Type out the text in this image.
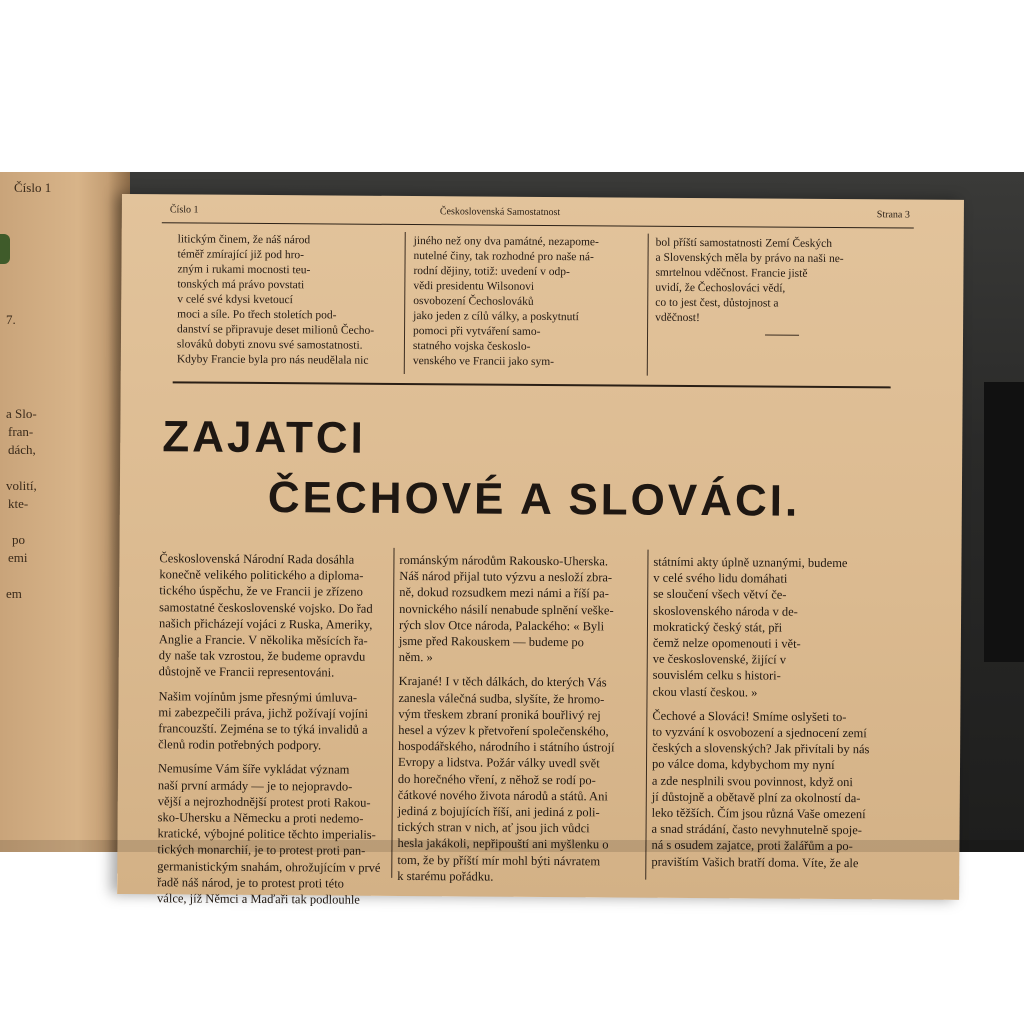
Číslo 1
7.
a Slo-
fran-
dách,
volití,
kte-
po
emi
em
Číslo 1	Československá Samostatnost	Strana 3
litickým činem, že náš národ
téměř zmírající již pod hro-
zným i rukami mocnosti teu-
tonských má právo povstati
v celé své kdysi kvetoucí
moci a síle. Po třech stoletích pod-
danství se připravuje deset milionů Čecho-
slováků dobyti znovu své samostatnosti.
Kdyby Francie byla pro nás neudělala nic
jiného než ony dva památné, nezapome-
nutelné činy, tak rozhodné pro naše ná-
rodní dějiny, totiž: uvedení v odp-
vědi presidentu Wilsonovi
osvobození Čechoslováků
jako jeden z cílů války, a poskytnutí
pomoci při vytváření samo-
statného vojska českoslo-
venského ve Francii jako sym-
bol příští samostatnosti Zemí Českých
a Slovenských měla by právo na naši ne-
smrtelnou vděčnost. Francie jistě
uvidí, že Čechoslováci vědí,
co to jest čest, důstojnost a
vděčnost!
ZAJATCI
ČECHOVÉ A SLOVÁCI.
Československá Národní Rada dosáhla
konečně velikého politického a diploma-
tického úspěchu, že ve Francii je zřízeno
samostatné československé vojsko. Do řad
našich přicházejí vojáci z Ruska, Ameriky,
Anglie a Francie. V několika měsících řa-
dy naše tak vzrostou, že budeme opravdu
důstojně ve Francii representováni.
Našim vojínům jsme přesnými úmluva-
mi zabezpečili práva, jichž požívají vojíni
francouzští. Zejména se to týká invalidů a
členů rodin potřebných podpory.
Nemusíme Vám šíře vykládat význam
naší první armády — je to nejopravdo-
vější a nejrozhodnější protest proti Rakou-
sko-Uhersku a Německu a proti nedemo-
kratické, výbojné politice těchto imperialis-
tických monarchií, je to protest proti pan-
germanistickým snahám, ohrožujícím v prvé
řadě náš národ, je to protest proti této
válce, jíž Němci a Maďaři tak podlouhle
románským národům Rakousko-Uherska.
Náš národ přijal tuto výzvu a nesloží zbra-
ně, dokud rozsudkem mezi námi a říší pa-
novnického násilí nenabude splnění veške-
rých slov Otce národa, Palackého: « Byli
jsme před Rakouskem — budeme po
něm. »
Krajané! I v těch dálkách, do kterých Vás
zanesla válečná sudba, slyšíte, že hromo-
vým třeskem zbraní proniká bouřlivý rej
hesel a výzev k přetvoření společenského,
hospodářského, národního i státního ústrojí
Evropy a lidstva. Požár války uvedl svět
do horečného vření, z něhož se rodí po-
čátkové nového života národů a států. Ani
jediná z bojujících říší, ani jediná z poli-
tických stran v nich, ať jsou jich vůdci
hesla jakákoli, nepřipouští ani myšlenku o
tom, že by příští mír mohl býti návratem
k starému pořádku.
státními akty úplně uznanými, budeme
v celé svého lidu domáhati
se sloučení všech větví če-
skoslovenského národa v de-
mokratický český stát, při
čemž nelze opomenouti i vět-
ve československé, žijící v
souvislém celku s histori-
ckou vlastí českou. »
Čechové a Slováci! Smíme oslyšeti to-
to vyzvání k osvobození a sjednocení zemí
českých a slovenských? Jak přivítali by nás
po válce doma, kdybychom my nyní
a zde nesplnili svou povinnost, když oni
jí důstojně a obětavě plní za okolností da-
leko těžších. Čím jsou různá Vaše omezení
a snad strádání, často nevyhnutelně spoje-
ná s osudem zajatce, proti žalářům a po-
pravištím Vašich bratří doma. Víte, že ale
